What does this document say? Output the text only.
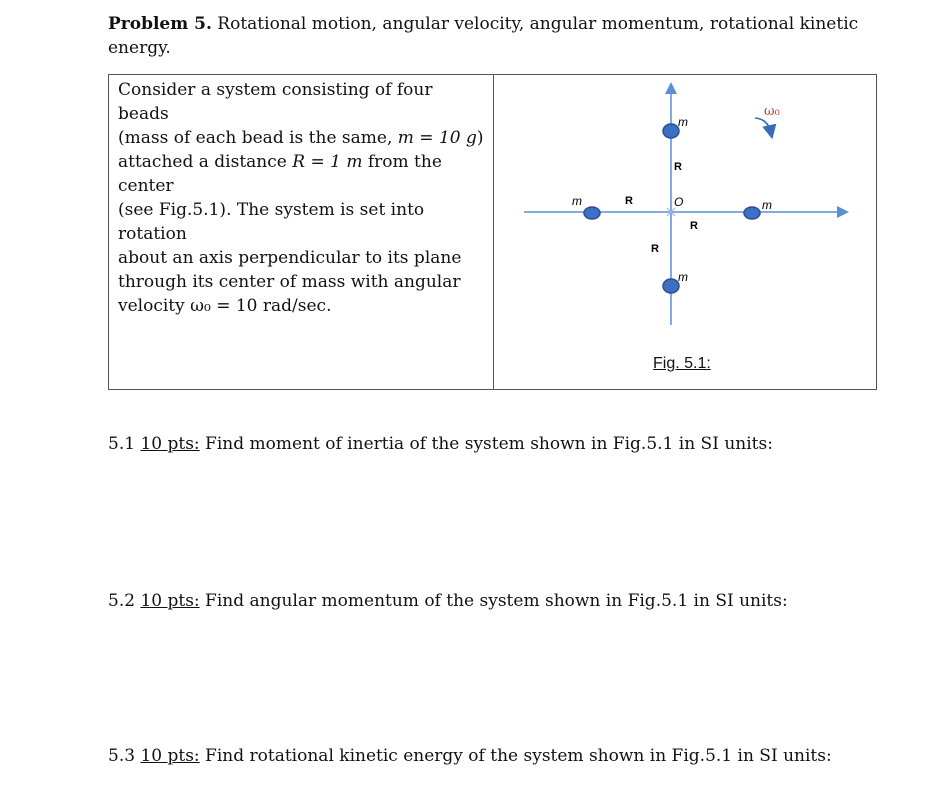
Problem 5. Rotational motion, angular velocity, angular momentum, rotational kinetic energy.
Consider a system consisting of four beads
(mass of each bead is the same, m = 10 g)
attached a distance R = 1 m from the center
(see Fig.5.1). The system is set into rotation
about an axis perpendicular to its plane
through its center of mass with angular
velocity ω₀ = 10 rad/sec.
m
m	m
m
R
R
R
R
O
ω₀
Fig. 5.1:
5.1 10 pts: Find moment of inertia of the system shown in Fig.5.1 in SI units:
5.2 10 pts: Find angular momentum of the system shown in Fig.5.1 in SI units:
5.3 10 pts: Find rotational kinetic energy of the system shown in Fig.5.1 in SI units:
